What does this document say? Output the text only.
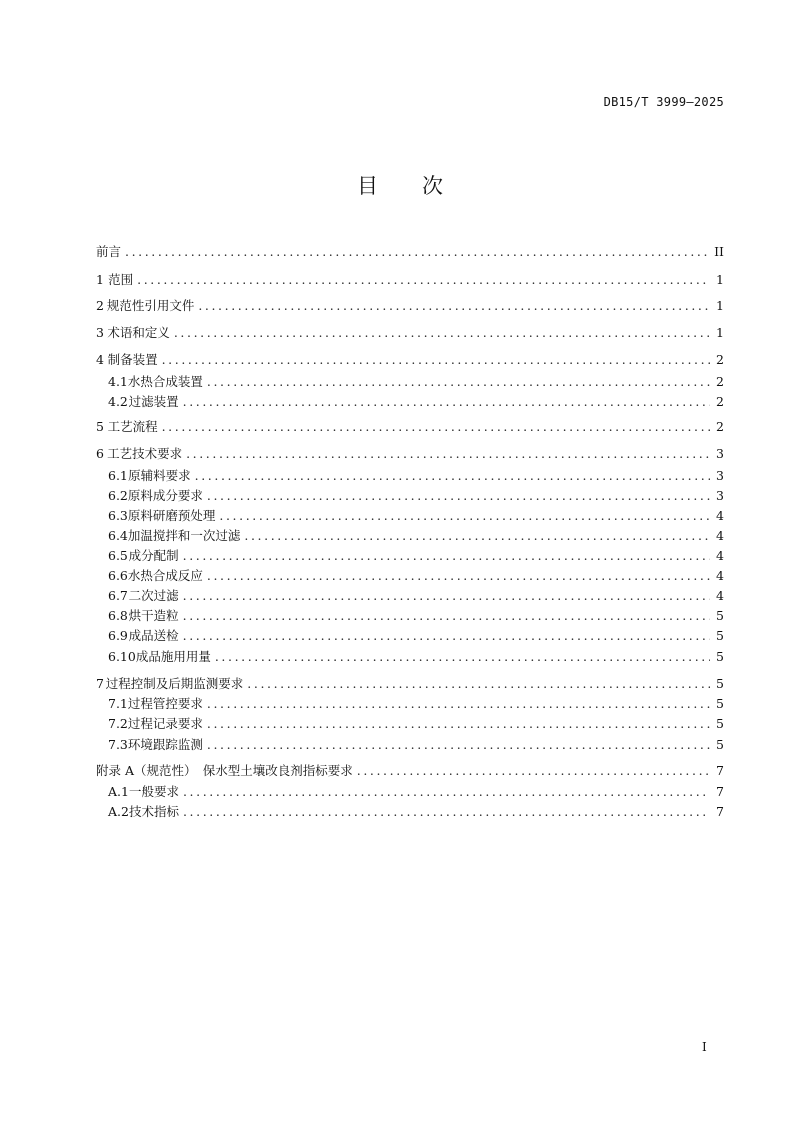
DB15/T 3999—2025
目次
前言 .....	II
1 范围 .....	1
2 规范性引用文件 .....	1
3 术语和定义 .....	1
4 制备装置 .....	2
4.1 水热合成装置 .....	2
4.2 过滤装置 .....	2
5 工艺流程 .....	2
6 工艺技术要求 .....	3
6.1 原辅料要求 .....	3
6.2 原料成分要求 .....	3
6.3 原料研磨预处理 .....	4
6.4 加温搅拌和一次过滤 .....	4
6.5 成分配制 .....	4
6.6 水热合成反应 .....	4
6.7 二次过滤 .....	4
6.8 烘干造粒 .....	5
6.9 成品送检 .....	5
6.10 成品施用用量 .....	5
7 过程控制及后期监测要求 .....	5
7.1 过程管控要求 .....	5
7.2 过程记录要求 .....	5
7.3 环境跟踪监测 .....	5
附录 A（规范性）　保水型土壤改良剂指标要求 .....	7
A.1 一般要求 .....	7
A.2 技术指标 .....	7
I
